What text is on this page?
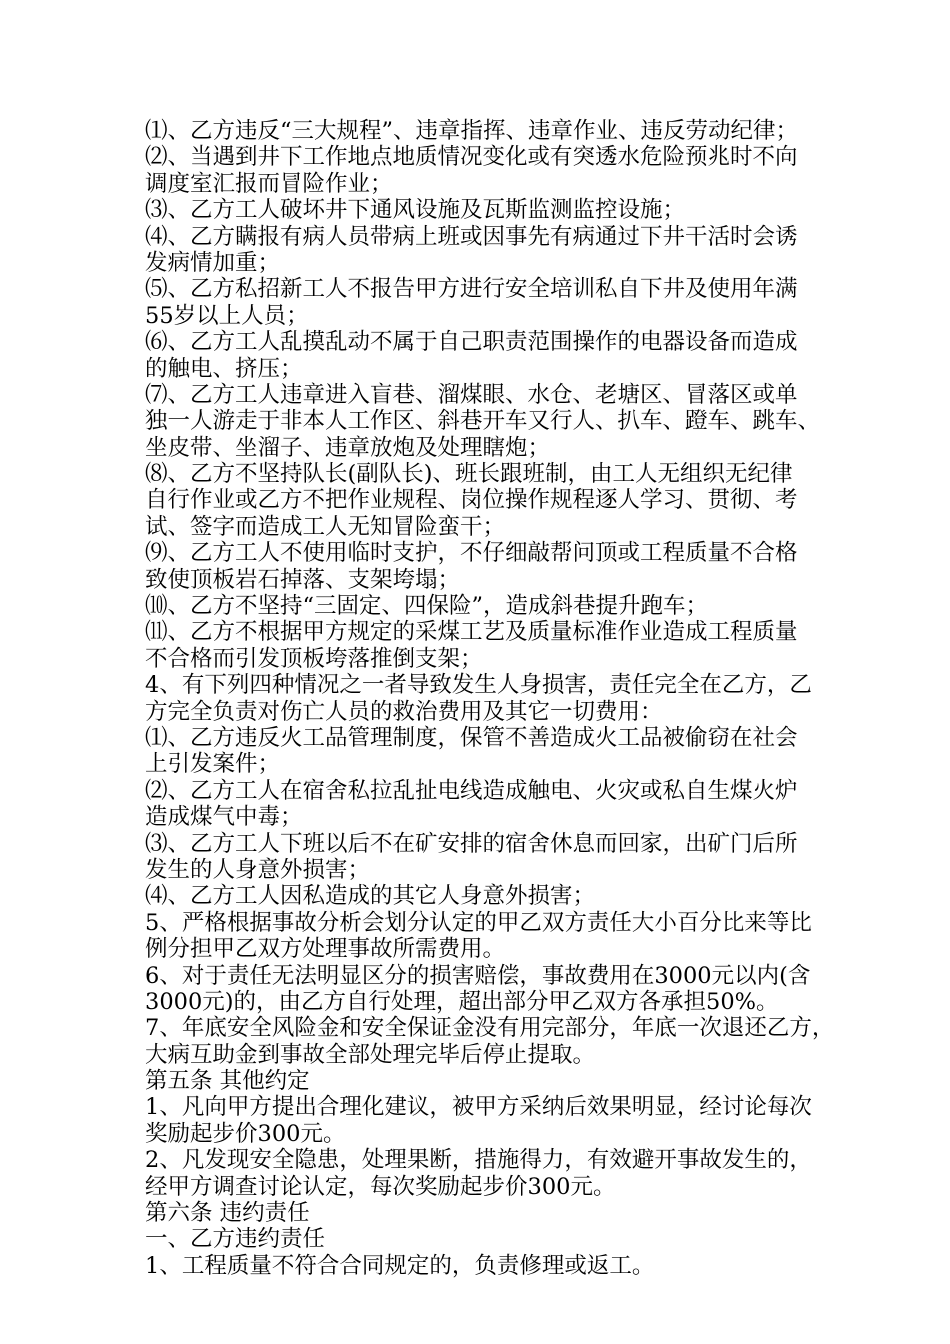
⑴、乙方违反“三大规程”、违章指挥、违章作业、违反劳动纪律；
⑵、当遇到井下工作地点地质情况变化或有突透水危险预兆时不向
调度室汇报而冒险作业；
⑶、乙方工人破坏井下通风设施及瓦斯监测监控设施；
⑷、乙方瞒报有病人员带病上班或因事先有病通过下井干活时会诱
发病情加重；
⑸、乙方私招新工人不报告甲方进行安全培训私自下井及使用年满
55岁以上人员；
⑹、乙方工人乱摸乱动不属于自己职责范围操作的电器设备而造成
的触电、挤压；
⑺、乙方工人违章进入盲巷、溜煤眼、水仓、老塘区、冒落区或单
独一人游走于非本人工作区、斜巷开车又行人、扒车、蹬车、跳车、
坐皮带、坐溜子、违章放炮及处理瞎炮；
⑻、乙方不坚持队长(副队长)、班长跟班制，由工人无组织无纪律
自行作业或乙方不把作业规程、岗位操作规程逐人学习、贯彻、考
试、签字而造成工人无知冒险蛮干；
⑼、乙方工人不使用临时支护，不仔细敲帮问顶或工程质量不合格
致使顶板岩石掉落、支架垮塌；
⑽、乙方不坚持“三固定、四保险”，造成斜巷提升跑车；
⑾、乙方不根据甲方规定的采煤工艺及质量标准作业造成工程质量
不合格而引发顶板垮落推倒支架；
4、有下列四种情况之一者导致发生人身损害，责任完全在乙方，乙
方完全负责对伤亡人员的救治费用及其它一切费用：
⑴、乙方违反火工品管理制度，保管不善造成火工品被偷窃在社会
上引发案件；
⑵、乙方工人在宿舍私拉乱扯电线造成触电、火灾或私自生煤火炉
造成煤气中毒；
⑶、乙方工人下班以后不在矿安排的宿舍休息而回家，出矿门后所
发生的人身意外损害；
⑷、乙方工人因私造成的其它人身意外损害；
5、严格根据事故分析会划分认定的甲乙双方责任大小百分比来等比
例分担甲乙双方处理事故所需费用。
6、对于责任无法明显区分的损害赔偿，事故费用在3000元以内(含
3000元)的，由乙方自行处理，超出部分甲乙双方各承担50%。
7、年底安全风险金和安全保证金没有用完部分，年底一次退还乙方，
大病互助金到事故全部处理完毕后停止提取。
第五条 其他约定
1、凡向甲方提出合理化建议，被甲方采纳后效果明显，经讨论每次
奖励起步价300元。
2、凡发现安全隐患，处理果断，措施得力，有效避开事故发生的，
经甲方调查讨论认定，每次奖励起步价300元。
第六条 违约责任
一、乙方违约责任
1、工程质量不符合合同规定的，负责修理或返工。
